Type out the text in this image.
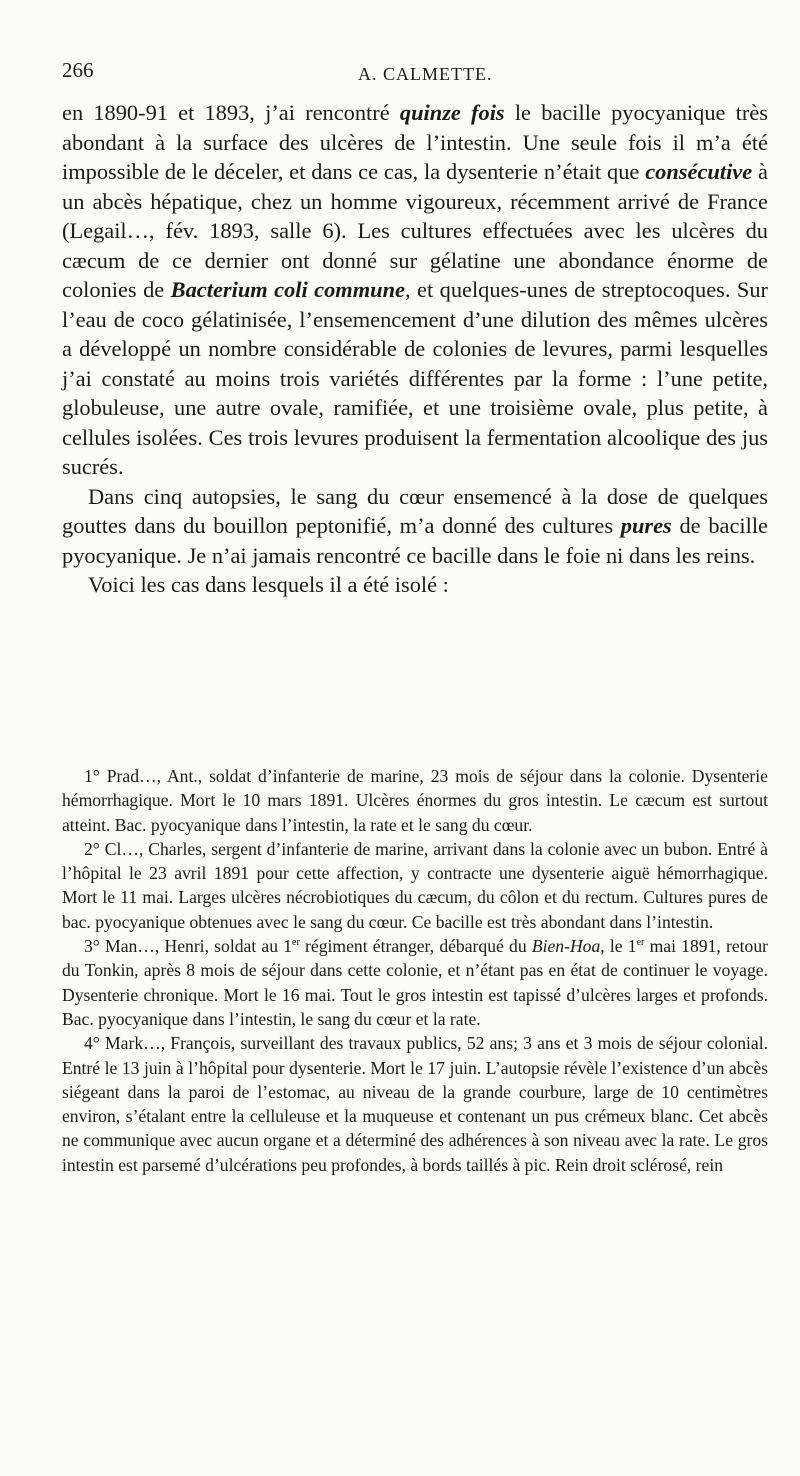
266	A. CALMETTE.

en 1890-91 et 1893, j’ai rencontré quinze fois le bacille pyocyanique très abondant à la surface des ulcères de l’intestin. Une seule fois il m’a été impossible de le déceler, et dans ce cas, la dysenterie n’était que consécutive à un abcès hépatique, chez un homme vigoureux, récemment arrivé de France (Legail…, fév. 1893, salle 6). Les cultures effectuées avec les ulcères du cæcum de ce dernier ont donné sur gélatine une abondance énorme de colonies de Bacterium coli commune, et quelques-unes de streptocoques. Sur l’eau de coco gélatinisée, l’ensemencement d’une dilution des mêmes ulcères a développé un nombre considérable de colonies de levures, parmi lesquelles j’ai constaté au moins trois variétés différentes par la forme : l’une petite, globuleuse, une autre ovale, ramifiée, et une troisième ovale, plus petite, à cellules isolées. Ces trois levures produisent la fermentation alcoolique des jus sucrés.

Dans cinq autopsies, le sang du cœur ensemencé à la dose de quelques gouttes dans du bouillon peptonifié, m’a donné des cultures pures de bacille pyocyanique. Je n’ai jamais rencontré ce bacille dans le foie ni dans les reins.

Voici les cas dans lesquels il a été isolé :

1° Prad…, Ant., soldat d’infanterie de marine, 23 mois de séjour dans la colonie. Dysenterie hémorrhagique. Mort le 10 mars 1891. Ulcères énormes du gros intestin. Le cæcum est surtout atteint. Bac. pyocyanique dans l’intestin, la rate et le sang du cœur.

2° Cl…, Charles, sergent d’infanterie de marine, arrivant dans la colonie avec un bubon. Entré à l’hôpital le 23 avril 1891 pour cette affection, y contracte une dysenterie aiguë hémorrhagique. Mort le 11 mai. Larges ulcères nécrobiotiques du cæcum, du côlon et du rectum. Cultures pures de bac. pyocyanique obtenues avec le sang du cœur. Ce bacille est très abondant dans l’intestin.

3° Man…, Henri, soldat au 1er régiment étranger, débarqué du Bien-Hoa, le 1er mai 1891, retour du Tonkin, après 8 mois de séjour dans cette colonie, et n’étant pas en état de continuer le voyage. Dysenterie chronique. Mort le 16 mai. Tout le gros intestin est tapissé d’ulcères larges et profonds. Bac. pyocyanique dans l’intestin, le sang du cœur et la rate.

4° Mark…, François, surveillant des travaux publics, 52 ans; 3 ans et 3 mois de séjour colonial. Entré le 13 juin à l’hôpital pour dysenterie. Mort le 17 juin. L’autopsie révèle l’existence d’un abcès siégeant dans la paroi de l’estomac, au niveau de la grande courbure, large de 10 centimètres environ, s’étalant entre la celluleuse et la muqueuse et contenant un pus crémeux blanc. Cet abcès ne communique avec aucun organe et a déterminé des adhérences à son niveau avec la rate. Le gros intestin est parsemé d’ulcérations peu profondes, à bords taillés à pic. Rein droit sclérosé, rein
